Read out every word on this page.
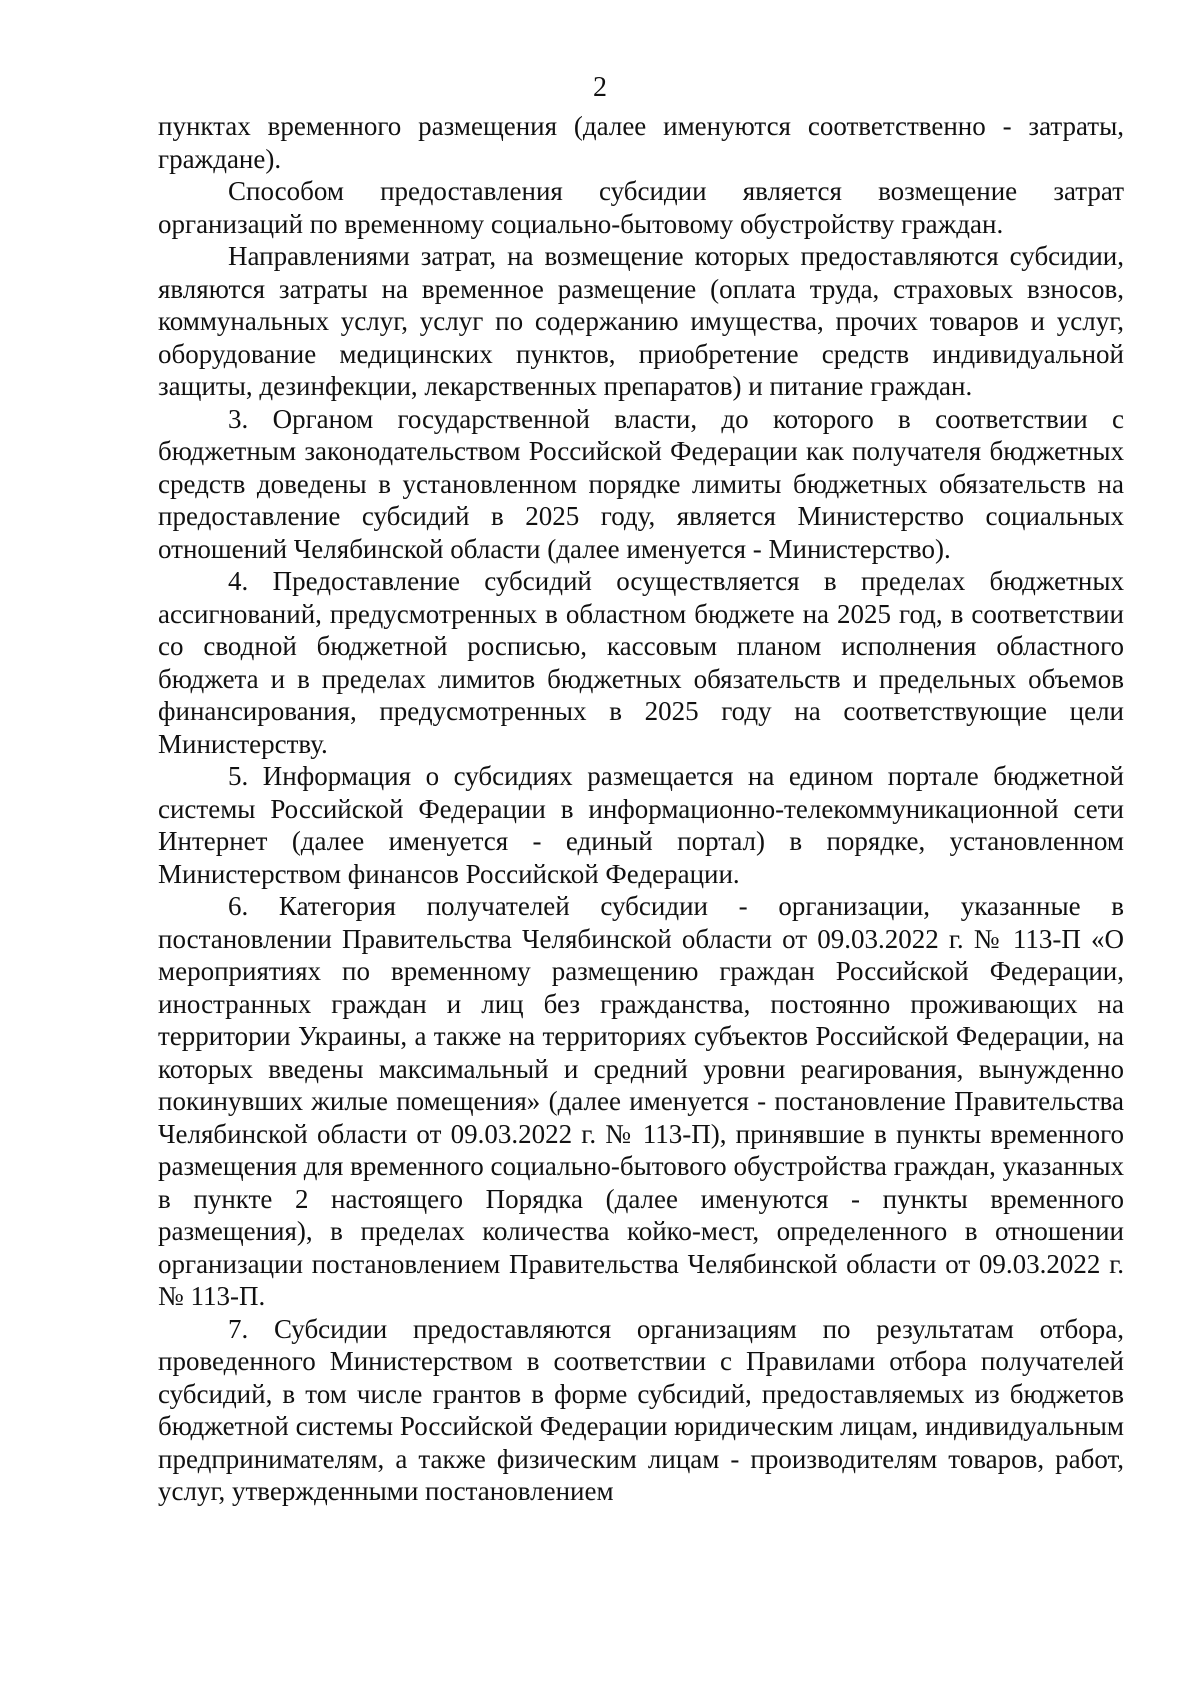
2

пунктах временного размещения (далее именуются соответственно - затраты, граждане).

Способом предоставления субсидии является возмещение затрат организаций по временному социально-бытовому обустройству граждан.

Направлениями затрат, на возмещение которых предоставляются субсидии, являются затраты на временное размещение (оплата труда, страховых взносов, коммунальных услуг, услуг по содержанию имущества, прочих товаров и услуг, оборудование медицинских пунктов, приобретение средств индивидуальной защиты, дезинфекции, лекарственных препаратов) и питание граждан.

3. Органом государственной власти, до которого в соответствии с бюджетным законодательством Российской Федерации как получателя бюджетных средств доведены в установленном порядке лимиты бюджетных обязательств на предоставление субсидий в 2025 году, является Министерство социальных отношений Челябинской области (далее именуется - Министерство).

4. Предоставление субсидий осуществляется в пределах бюджетных ассигнований, предусмотренных в областном бюджете на 2025 год, в соответствии со сводной бюджетной росписью, кассовым планом исполнения областного бюджета и в пределах лимитов бюджетных обязательств и предельных объемов финансирования, предусмотренных в 2025 году на соответствующие цели Министерству.

5. Информация о субсидиях размещается на едином портале бюджетной системы Российской Федерации в информационно-телекоммуникационной сети Интернет (далее именуется - единый портал) в порядке, установленном Министерством финансов Российской Федерации.

6. Категория получателей субсидии - организации, указанные в постановлении Правительства Челябинской области от 09.03.2022 г. № 113-П «О мероприятиях по временному размещению граждан Российской Федерации, иностранных граждан и лиц без гражданства, постоянно проживающих на территории Украины, а также на территориях субъектов Российской Федерации, на которых введены максимальный и средний уровни реагирования, вынужденно покинувших жилые помещения» (далее именуется - постановление Правительства Челябинской области от 09.03.2022 г. № 113-П), принявшие в пункты временного размещения для временного социально-бытового обустройства граждан, указанных в пункте 2 настоящего Порядка (далее именуются - пункты временного размещения), в пределах количества койко-мест, определенного в отношении организации постановлением Правительства Челябинской области от 09.03.2022 г. № 113-П.

7. Субсидии предоставляются организациям по результатам отбора, проведенного Министерством в соответствии с Правилами отбора получателей субсидий, в том числе грантов в форме субсидий, предоставляемых из бюджетов бюджетной системы Российской Федерации юридическим лицам, индивидуальным предпринимателям, а также физическим лицам - производителям товаров, работ, услуг, утвержденными постановлением
